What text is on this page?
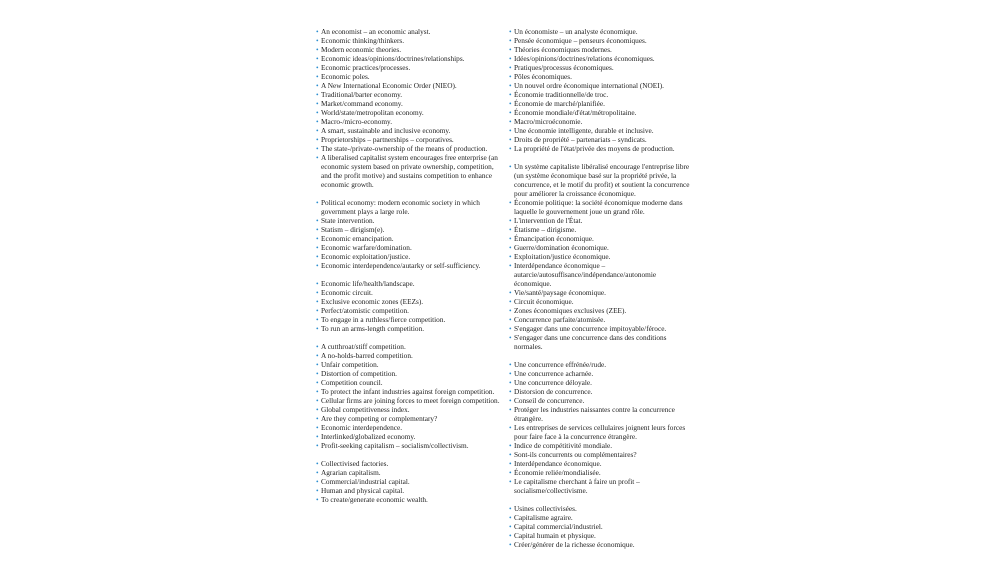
• An economist – an economic analyst.
• Economic thinking/thinkers.
• Modern economic theories.
• Economic ideas/opinions/doctrines/relationships.
• Economic practices/processes.
• Economic poles.
• A New International Economic Order (NIEO).
• Traditional/barter economy.
• Market/command economy.
• World/state/metropolitan economy.
• Macro-/micro-economy.
• A smart, sustainable and inclusive economy.
• Proprietorships – partnerships – corporatives.
• The state-/private-ownership of the means of production.
• A liberalised capitalist system encourages free enterprise (an economic system based on private ownership, competition, and the profit motive) and sustains competition to enhance economic growth.
• Political economy: modern economic society in which government plays a large role.
• State intervention.
• Statism – dirigism(e).
• Economic emancipation.
• Economic warfare/domination.
• Economic exploitation/justice.
• Economic interdependence/autarky or self-sufficiency.
• Economic life/health/landscape.
• Economic circuit.
• Exclusive economic zones (EEZs).
• Perfect/atomistic competition.
• To engage in a ruthless/fierce competition.
• To run an arms-length competition.
• A cutthroat/stiff competition.
• A no-holds-barred competition.
• Unfair competition.
• Distortion of competition.
• Competition council.
• To protect the infant industries against foreign competition.
• Cellular firms are joining forces to meet foreign competition.
• Global competitiveness index.
• Are they competing or complementary?
• Economic interdependence.
• Interlinked/globalized economy.
• Profit-seeking capitalism – socialism/collectivism.
• Collectivised factories.
• Agrarian capitalism.
• Commercial/industrial capital.
• Human and physical capital.
• To create/generate economic wealth.
• Un économiste – un analyste économique.
• Pensée économique – penseurs économiques.
• Théories économiques modernes.
• Idées/opinions/doctrines/relations économiques.
• Pratiques/processus économiques.
• Pôles économiques.
• Un nouvel ordre économique international (NOEI).
• Économie traditionnelle/de troc.
• Économie de marché/planifiée.
• Économie mondiale/d'état/métropolitaine.
• Macro/microéconomie.
• Une économie intelligente, durable et inclusive.
• Droits de propriété – partenariats – syndicats.
• La propriété de l'état/privée des moyens de production.
• Un système capitaliste libéralisé encourage l'entreprise libre (un système économique basé sur la propriété privée, la concurrence, et le motif du profit) et soutient la concurrence pour améliorer la croissance économique.
• Économie politique: la société économique moderne dans laquelle le gouvernement joue un grand rôle.
• L'intervention de l'État.
• Étatisme – dirigisme.
• Émancipation économique.
• Guerre/domination économique.
• Exploitation/justice économique.
• Interdépendance économique – autarcie/autosuffisance/indépendance/autonomie économique.
• Vie/santé/paysage économique.
• Circuit économique.
• Zones économiques exclusives (ZEE).
• Concurrence parfaite/atomisée.
• S'engager dans une concurrence impitoyable/féroce.
• S'engager dans une concurrence dans des conditions normales.
• Une concurrence effrénée/rude.
• Une concurrence acharnée.
• Une concurrence déloyale.
• Distorsion de concurrence.
• Conseil de concurrence.
• Protéger les industries naissantes contre la concurrence étrangère.
• Les entreprises de services cellulaires joignent leurs forces pour faire face à la concurrence étrangère.
• Indice de compétitivité mondiale.
• Sont-ils concurrents ou complémentaires?
• Interdépendance économique.
• Économie reliée/mondialisée.
• Le capitalisme cherchant à faire un profit – socialisme/collectivisme.
• Usines collectivisées.
• Capitalisme agraire.
• Capital commercial/industriel.
• Capital humain et physique.
• Créer/générer de la richesse économique.
